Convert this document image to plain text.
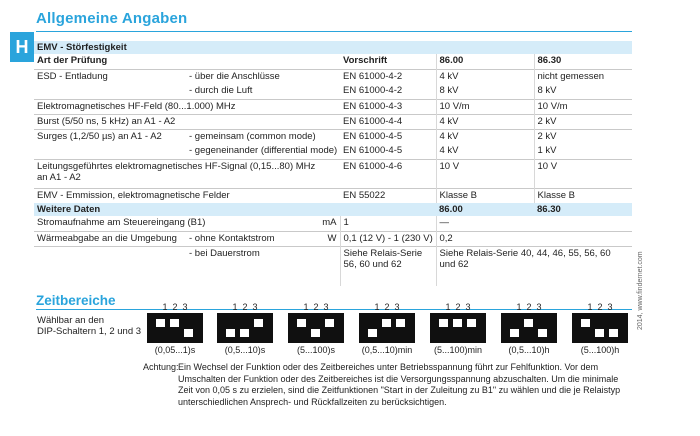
H
Allgemeine Angaben
EMV - Störfestigkeit				
Art der Prüfung		Vorschrift	86.00	86.30
ESD - Entladung	- über die Anschlüsse	EN 61000-4-2	4 kV	nicht gemessen
	- durch die Luft	EN 61000-4-2	8 kV	8 kV
Elektromagnetisches HF-Feld (80...1.000) MHz		EN 61000-4-3	10 V/m	10 V/m
Burst (5/50 ns, 5 kHz) an A1 - A2		EN 61000-4-4	4 kV	2 kV
Surges (1,2/50 µs) an A1 - A2	- gemeinsam (common mode)	EN 61000-4-5	4 kV	2 kV
	- gegeneinander (differential mode)	EN 61000-4-5	4 kV	1 kV

Leitungsgeführtes elektromagnetisches HF-Signal (0,15...80) MHz
an A1 - A2		EN 61000-4-6	10 V	10 V
EMV - Emmission, elektromagnetische Felder		EN 55022	Klasse B	Klasse B
Weitere Daten			86.00	86.30
Stromaufnahme am Steuereingang (B1) mA		1	—	
Wärmeabgabe an die Umgebung	- ohne Kontaktstrom W	0,1 (12 V) - 1 (230 V)	0,2	
	- bei Dauerstrom	Siehe Relais-Serie 56, 60 und 62	Siehe Relais-Serie 40, 44, 46, 55, 56, 60 und 62	
Zeitbereiche
Wählbar an den
DIP-Schaltern 1, 2 und 3
1  2  3
(0,05...1)s
1  2  3
(0,5...10)s
1  2  3
(5...100)s
1  2  3
(0,5...10)min
1  2  3
(5...100)min
1  2  3
(0,5...10)h
1  2  3
(5...100)h
Achtung: Ein Wechsel der Funktion oder des Zeitbereiches unter Betriebsspannung führt zur Fehlfunktion. Vor dem Umschalten der Funktion oder des Zeitbereiches ist die Versorgungsspannung abzuschalten. Um die minimale Zeit von 0,05 s zu erzielen, sind die Zeitfunktionen "Start in der Zuleitung zu B1" zu wählen und die je Relaistyp unterschiedlichen Ansprech- und Rückfallzeiten zu berücksichtigen.
2014, www.findernet.com
